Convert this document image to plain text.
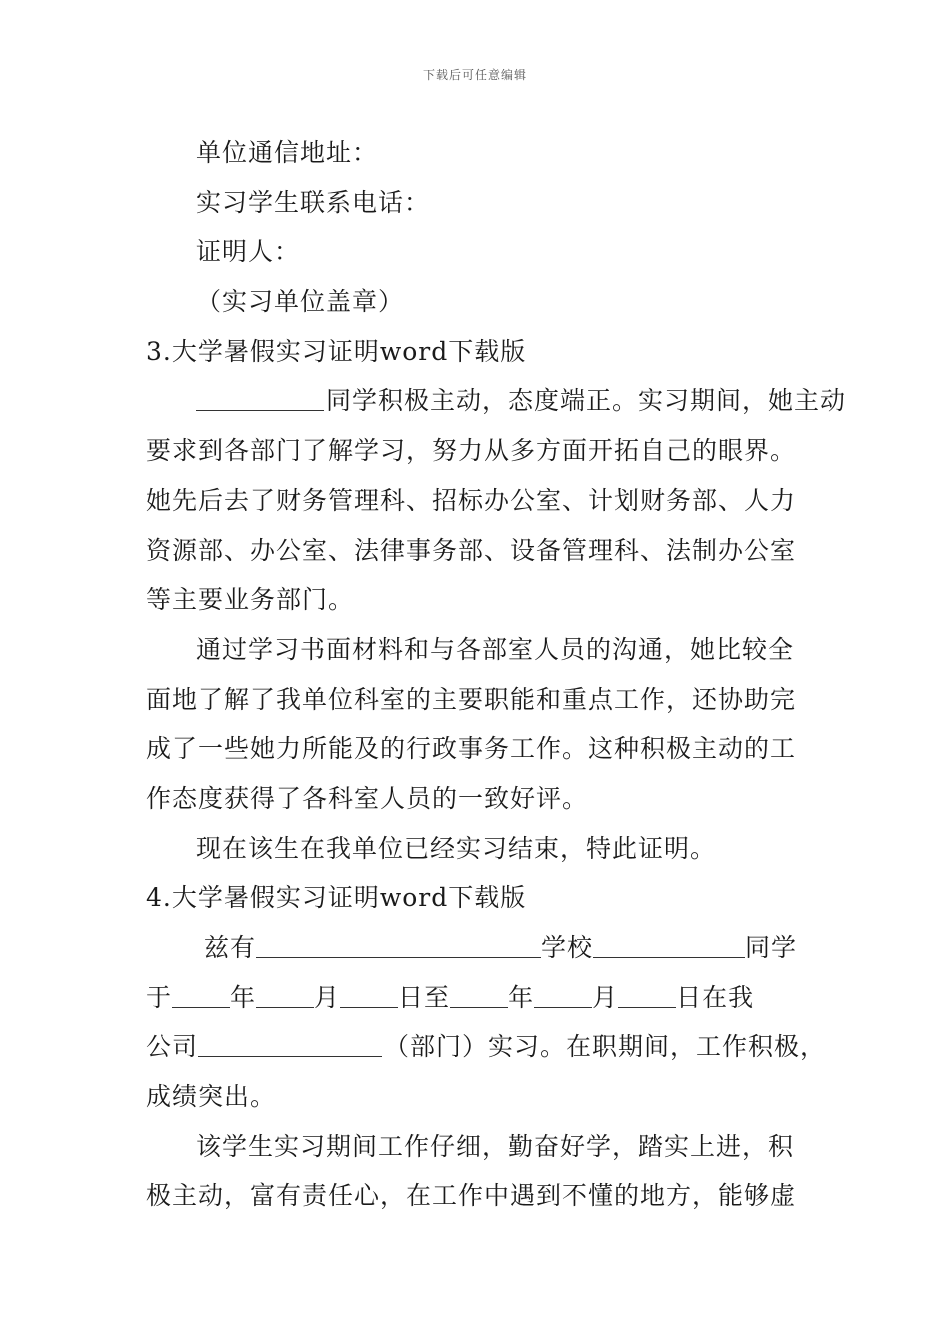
下载后可任意编辑
单位通信地址：
实习学生联系电话：
证明人：
（实习单位盖章）
3.大学暑假实习证明word下载版
同学积极主动，态度端正。实习期间，她主动
要求到各部门了解学习，努力从多方面开拓自己的眼界。
她先后去了财务管理科、招标办公室、计划财务部、人力
资源部、办公室、法律事务部、设备管理科、法制办公室
等主要业务部门。
通过学习书面材料和与各部室人员的沟通，她比较全
面地了解了我单位科室的主要职能和重点工作，还协助完
成了一些她力所能及的行政事务工作。这种积极主动的工
作态度获得了各科室人员的一致好评。
现在该生在我单位已经实习结束，特此证明。
4.大学暑假实习证明word下载版
兹有	学校	同学
于 年 月 日至 年 月 日在我
公司	（部门）实习。在职期间，工作积极，
成绩突出。
该学生实习期间工作仔细，勤奋好学，踏实上进，积
极主动，富有责任心，在工作中遇到不懂的地方，能够虚
